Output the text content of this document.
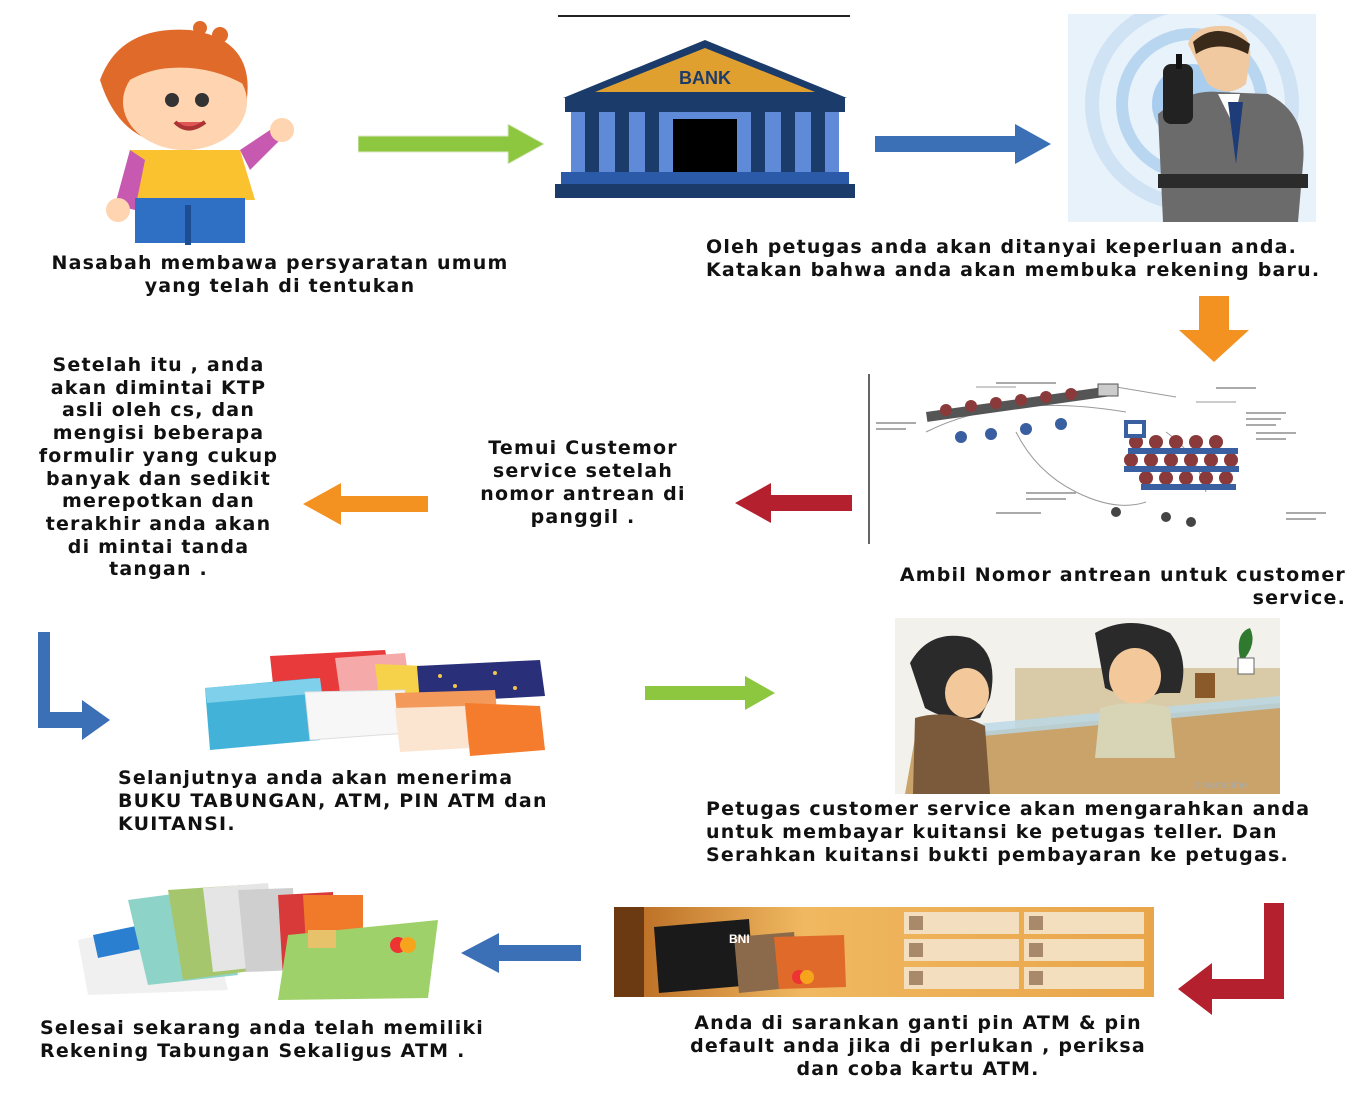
BANK
dreamstime
BNI

Nasabah membawa persyaratan umum yang telah di tentukan

Oleh petugas anda akan ditanyai keperluan anda. Katakan bahwa anda akan membuka rekening baru.

Ambil Nomor antrean untuk customer service.

Temui Custemor service setelah nomor antrean di panggil .

Setelah itu , anda akan dimintai KTP asli oleh cs, dan mengisi beberapa formulir yang cukup banyak dan sedikit merepotkan dan terakhir anda akan di mintai tanda tangan .

Selanjutnya anda akan menerima BUKU TABUNGAN, ATM, PIN ATM dan KUITANSI.

Petugas customer service akan mengarahkan anda untuk membayar kuitansi ke petugas teller. Dan Serahkan kuitansi bukti pembayaran ke petugas.

Anda di sarankan ganti pin ATM & pin default anda jika di perlukan , periksa dan coba kartu ATM.

Selesai sekarang anda telah memiliki Rekening Tabungan Sekaligus ATM .
